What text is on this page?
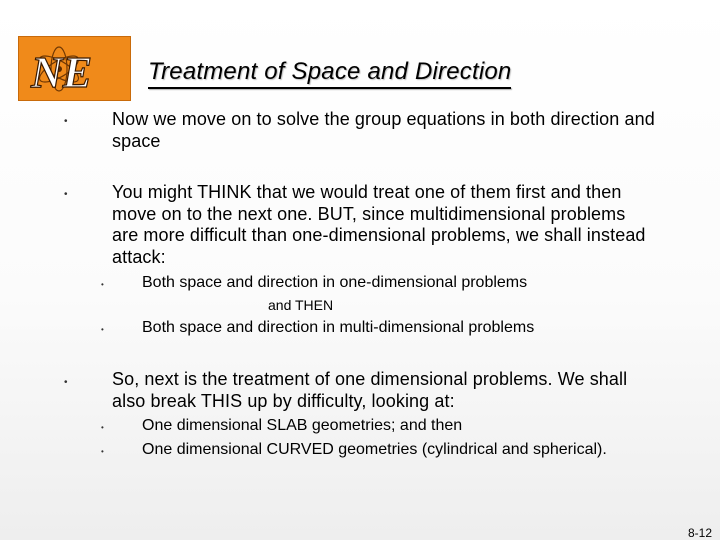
NE Treatment of Space and Direction
• Now we move on to solve the group equations in both direction and space
• You might THINK that we would treat one of them first and then move on to the next one. BUT, since multidimensional problems are more difficult than one-dimensional problems, we shall instead attack:
• Both space and direction in one-dimensional problems
and THEN
• Both space and direction in multi-dimensional problems
• So, next is the treatment of one dimensional problems. We shall also break THIS up by difficulty, looking at:
• One dimensional SLAB geometries; and then
• One dimensional CURVED geometries (cylindrical and spherical).
8-12
